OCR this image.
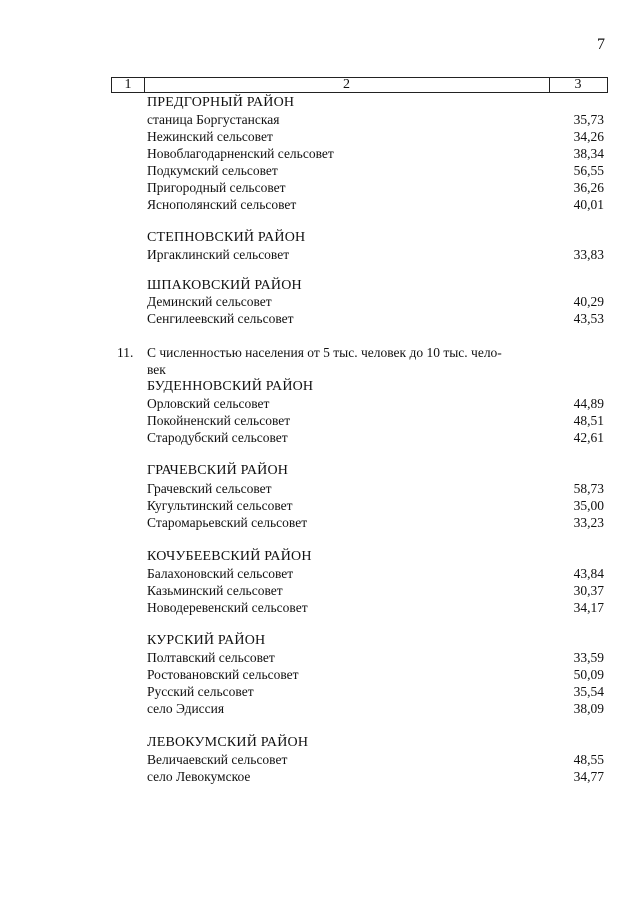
7
1	2	3
ПРЕДГОРНЫЙ РАЙОН
станица Боргустанская	35,73
Нежинский сельсовет	34,26
Новоблагодарненский сельсовет	38,34
Подкумский сельсовет	56,55
Пригородный сельсовет	36,26
Яснополянский сельсовет	40,01
СТЕПНОВСКИЙ РАЙОН
Иргаклинский сельсовет	33,83
ШПАКОВСКИЙ РАЙОН
Деминский сельсовет	40,29
Сенгилеевский сельсовет	43,53
11. С численностью населения от 5 тыс. человек до 10 тыс. чело-
век
БУДЕННОВСКИЙ РАЙОН
Орловский сельсовет	44,89
Покойненский сельсовет	48,51
Стародубский сельсовет	42,61
ГРАЧЕВСКИЙ РАЙОН
Грачевский сельсовет	58,73
Кугультинский сельсовет	35,00
Старомарьевский сельсовет	33,23
КОЧУБЕЕВСКИЙ РАЙОН
Балахоновский сельсовет	43,84
Казьминский сельсовет	30,37
Новодеревенский сельсовет	34,17
КУРСКИЙ РАЙОН
Полтавский сельсовет	33,59
Ростовановский сельсовет	50,09
Русский сельсовет	35,54
село Эдиссия	38,09
ЛЕВОКУМСКИЙ РАЙОН
Величаевский сельсовет	48,55
село Левокумское	34,77
